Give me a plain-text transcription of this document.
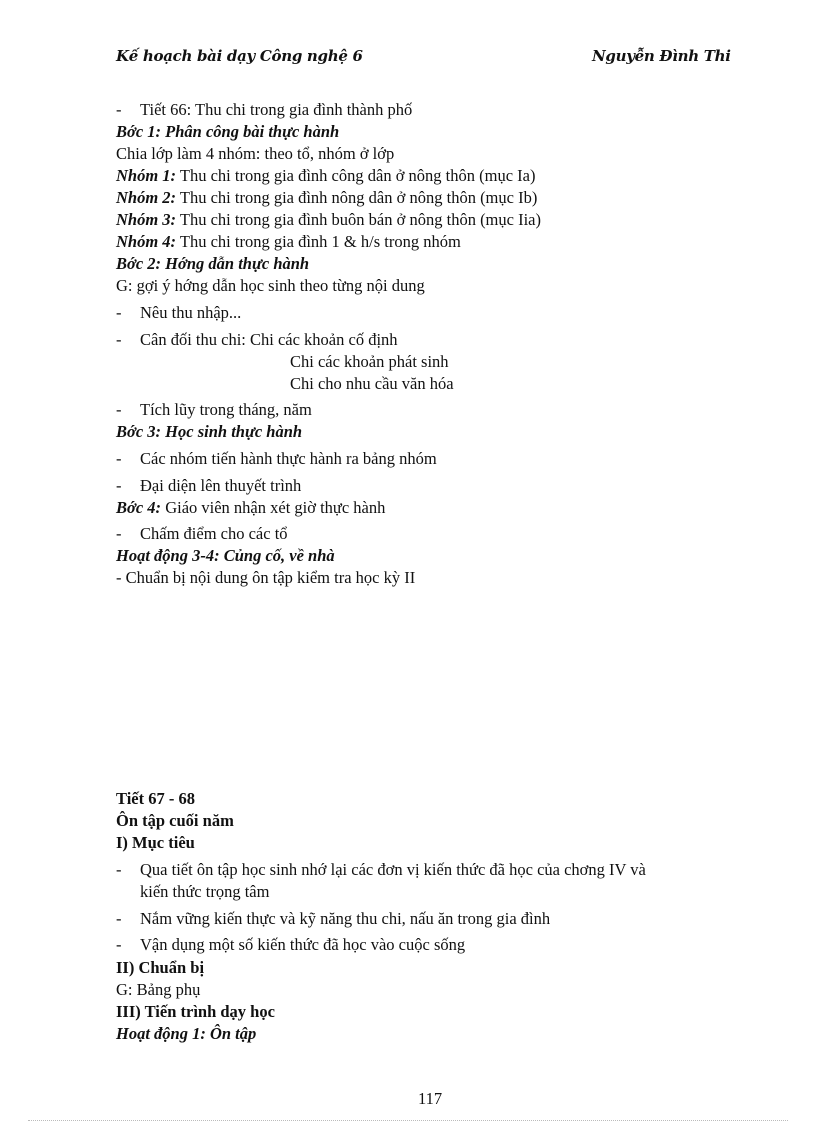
Kế hoạch bài dạy Công nghệ 6	Nguyễn Đình Thi
- Tiết 66: Thu chi trong gia đình thành phố
Bớc 1: Phân công bài thực hành
Chia lớp làm 4 nhóm: theo tổ, nhóm ở lớp
Nhóm 1: Thu chi trong gia đình công dân ở nông thôn (mục Ia)
Nhóm 2: Thu chi trong gia đình nông dân ở nông thôn (mục Ib)
Nhóm 3: Thu chi trong gia đình buôn bán ở nông thôn (mục Iia)
Nhóm 4: Thu chi trong gia đình 1 & h/s trong nhóm
Bớc 2: Hớng dẫn thực hành
G: gợi ý hớng dẫn học sinh theo từng nội dung
- Nêu thu nhập...
- Cân đối thu chi: Chi các khoản cố định
Chi các khoản phát sinh
Chi cho nhu cầu văn hóa
- Tích lũy trong tháng, năm
Bớc 3: Học sinh thực hành
- Các nhóm tiến hành thực hành ra bảng nhóm
- Đại diện lên thuyết trình
Bớc 4: Giáo viên nhận xét giờ thực hành
- Chấm điểm cho các tổ
Hoạt động 3-4: Củng cố, về nhà
- Chuẩn bị nội dung ôn tập kiểm tra học kỳ II
Tiết 67 - 68
Ôn tập cuối năm
I) Mục tiêu
- Qua tiết ôn tập học sinh nhớ lại các đơn vị kiến thức đã học của chơng IV và
kiến thức trọng tâm
- Nắm vững kiến thực và kỹ năng thu chi, nấu ăn trong gia đình
- Vận dụng một số kiến thức đã học vào cuộc sống
II) Chuẩn bị
G: Bảng phụ
III) Tiến trình dạy học
Hoạt động 1: Ôn tập
117
